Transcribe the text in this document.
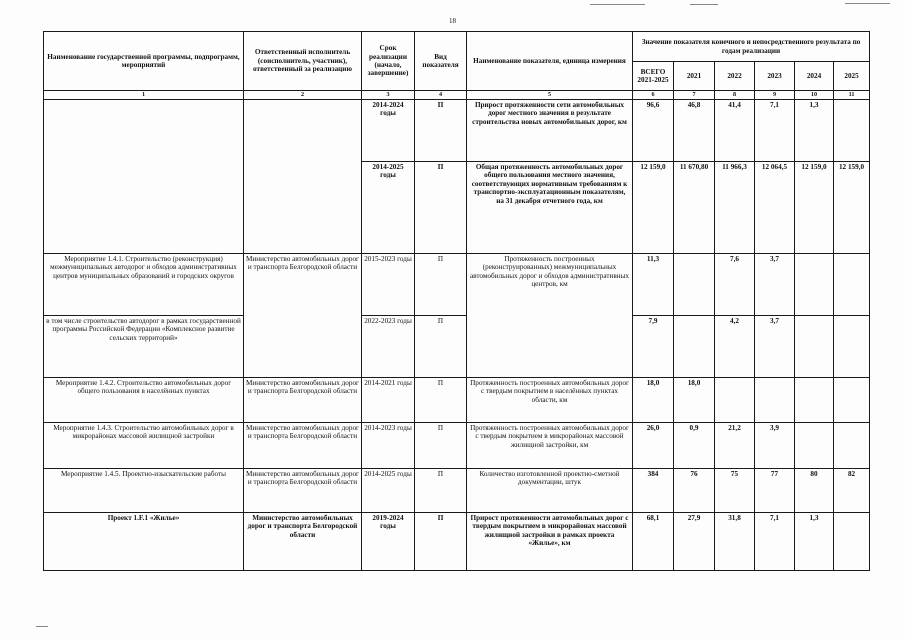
18
Наименование государственной программы, подпрограмм, мероприятий	Ответственный исполнитель (соисполнитель, участник), ответственный за реализацию	Срок реализации (начало, завершение)	Вид показателя	Наименование показателя, единица измерения	Значение показателя конечного и непосредственного результата по годам реализации					
					ВСЕГО 2021-2025	2021	2022	2023	2024	2025
1	2	3	4	5	6	7	8	9	10	11
		2014-2024 годы	П	Прирост протяженности сети автомобильных дорог местного значения в результате строительства новых автомобильных дорог, км	96,6	46,8	41,4	7,1	1,3	
		2014-2025 годы	П	Общая протяженность автомобильных дорог общего пользования местного значения, соответствующих нормативным требованиям к транспортно-эксплуатационным показателям, на 31 декабря отчетного года, км	12 159,0	11 670,80	11 966,3	12 064,5	12 159,0	12 159,0
Мероприятие 1.4.1. Строительство (реконструкция) межмуниципальных автодорог и обходов административных центров муниципальных образований и городских округов	Министерство автомобильных дорог и транспорта Белгородской области	2015-2023 годы	П	Протяженность построенных (реконструированных) межмуниципальных автомобильных дорог и обходов административных центров, км	11,3		7,6	3,7		
в том числе строительство автодорог в рамках государственной программы Российской Федерации «Комплексное развитие сельских территорий»		2022-2023 годы	П		7,9		4,2	3,7		
Мероприятие 1.4.2. Строительство автомобильных дорог общего пользования в населённых пунктах	Министерство автомобильных дорог и транспорта Белгородской области	2014-2021 годы	П	Протяженность построенных автомобильных дорог с твердым покрытием в населённых пунктах области, км	18,0	18,0				
Мероприятие 1.4.3. Строительство автомобильных дорог в микрорайонах массовой жилищной застройки	Министерство автомобильных дорог и транспорта Белгородской области	2014-2023 годы	П	Протяженность построенных автомобильных дорог с твердым покрытием в микрорайонах массовой жилищной застройки, км	26,0	0,9	21,2	3,9		
Мероприятие 1.4.5. Проектно-изыскательские работы	Министерство автомобильных дорог и транспорта Белгородской области	2014-2025 годы	П	Количество изготовленной проектно-сметной документации, штук	384	76	75	77	80	82
Проект 1.F.1 «Жилье»	Министерство автомобильных дорог и транспорта Белгородской области	2019-2024 годы	П	Прирост протяженности автомобильных дорог с твердым покрытием в микрорайонах массовой жилищной застройки в рамках проекта «Жилье», км	68,1	27,9	31,8	7,1	1,3	
